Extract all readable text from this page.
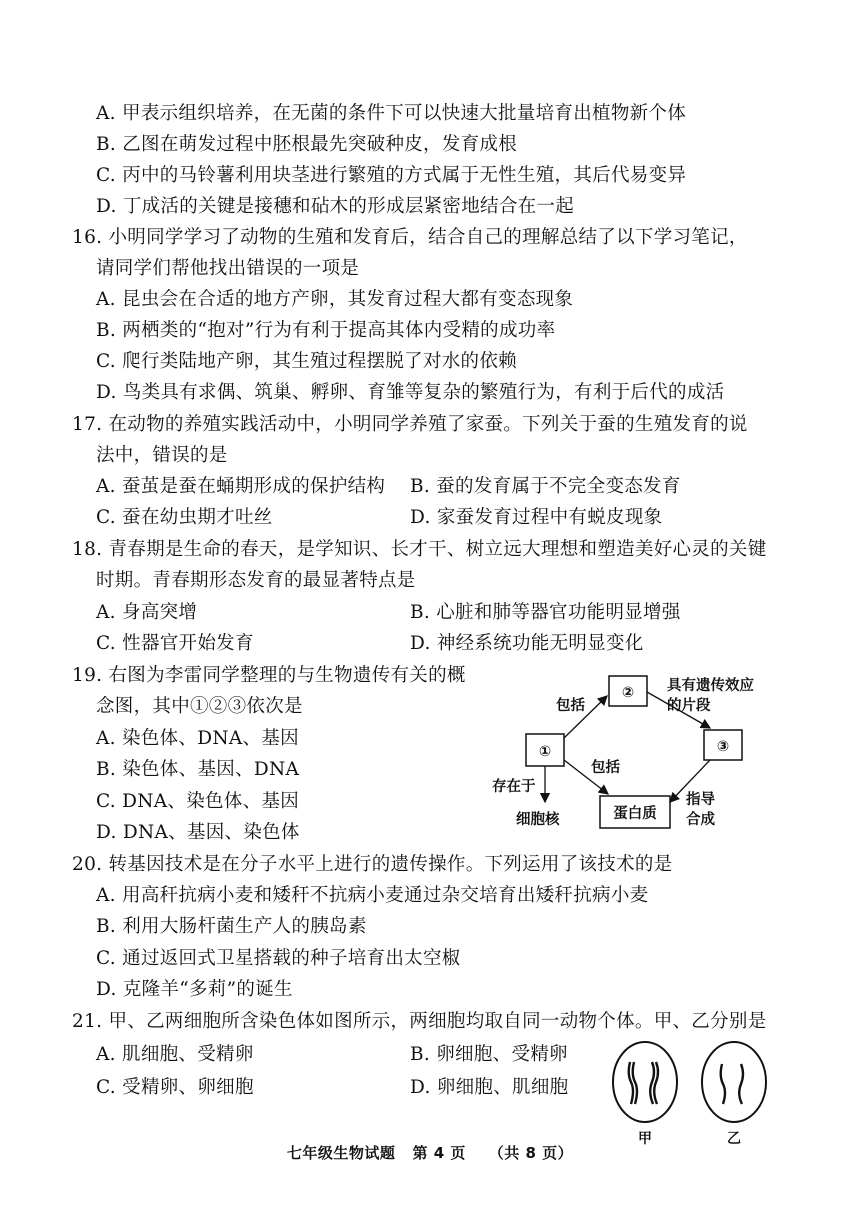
A. 甲表示组织培养，在无菌的条件下可以快速大批量培育出植物新个体
B. 乙图在萌发过程中胚根最先突破种皮，发育成根
C. 丙中的马铃薯利用块茎进行繁殖的方式属于无性生殖，其后代易变异
D. 丁成活的关键是接穗和砧木的形成层紧密地结合在一起
16. 小明同学学习了动物的生殖和发育后，结合自己的理解总结了以下学习笔记，
请同学们帮他找出错误的一项是
A. 昆虫会在合适的地方产卵，其发育过程大都有变态现象
B. 两栖类的“抱对”行为有利于提高其体内受精的成功率
C. 爬行类陆地产卵，其生殖过程摆脱了对水的依赖
D. 鸟类具有求偶、筑巢、孵卵、育雏等复杂的繁殖行为，有利于后代的成活
17. 在动物的养殖实践活动中，小明同学养殖了家蚕。下列关于蚕的生殖发育的说
法中，错误的是
A. 蚕茧是蚕在蛹期形成的保护结构 B. 蚕的发育属于不完全变态发育
C. 蚕在幼虫期才吐丝	D. 家蚕发育过程中有蜕皮现象
18. 青春期是生命的春天，是学知识、长才干、树立远大理想和塑造美好心灵的关键
时期。青春期形态发育的最显著特点是
A. 身高突增	B. 心脏和肺等器官功能明显增强
C. 性器官开始发育	D. 神经系统功能无明显变化
19. 右图为李雷同学整理的与生物遗传有关的概
念图，其中①②③依次是
A. 染色体、DNA、基因
B. 染色体、基因、DNA
C. DNA、染色体、基因
D. DNA、基因、染色体
①
②
③
蛋白质
包括
包括
具有遗传效应
的片段
存在于
细胞核
指导
合成
20. 转基因技术是在分子水平上进行的遗传操作。下列运用了该技术的是
A. 用高秆抗病小麦和矮秆不抗病小麦通过杂交培育出矮秆抗病小麦
B. 利用大肠杆菌生产人的胰岛素
C. 通过返回式卫星搭载的种子培育出太空椒
D. 克隆羊“多莉”的诞生
21. 甲、乙两细胞所含染色体如图所示，两细胞均取自同一动物个体。甲、乙分别是
A. 肌细胞、受精卵	B. 卵细胞、受精卵
C. 受精卵、卵细胞	D. 卵细胞、肌细胞
甲	乙
七年级生物试题 第 4 页 （共 8 页）
